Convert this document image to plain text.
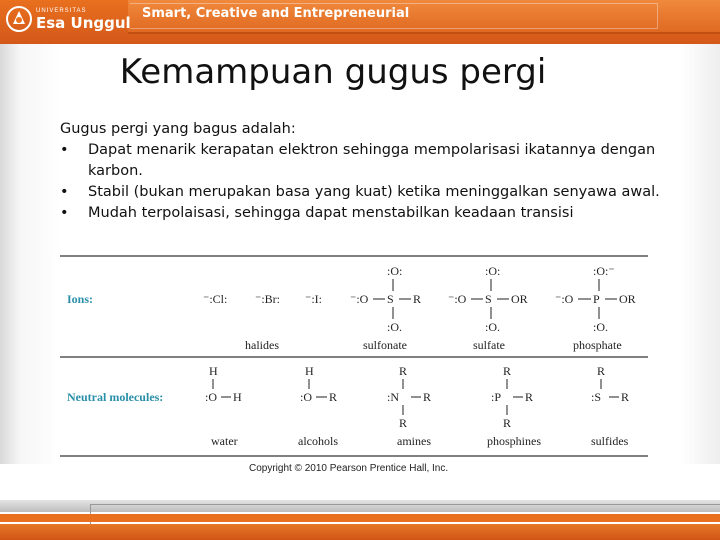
UNIVERSITAS
Esa Unggul Smart, Creative and Entrepreneurial
Kemampuan gugus pergi
Gugus pergi yang bagus adalah:
• Dapat menarik kerapatan elektron sehingga mempolarisasi ikatannya dengan karbon.
• Stabil (bukan merupakan basa yang kuat) ketika meninggalkan senyawa awal.
• Mudah terpolaisasi, sehingga dapat menstabilkan keadaan transisi
Ions:
Neutral molecules:
⁻:Cl: ⁻:Br: ⁻:I:
halides
:O:
⁻:O S R
:O.
sulfonate
:O:
⁻:O S OR
:O.
sulfate
:O:⁻
⁻:O P OR
:O.
phosphate
H
:O H
water
H
:O R
alcohols
R
:N R
R
amines
R
:P R
R
phosphines
R
:S R
sulfides
Copyright © 2010 Pearson Prentice Hall, Inc.
